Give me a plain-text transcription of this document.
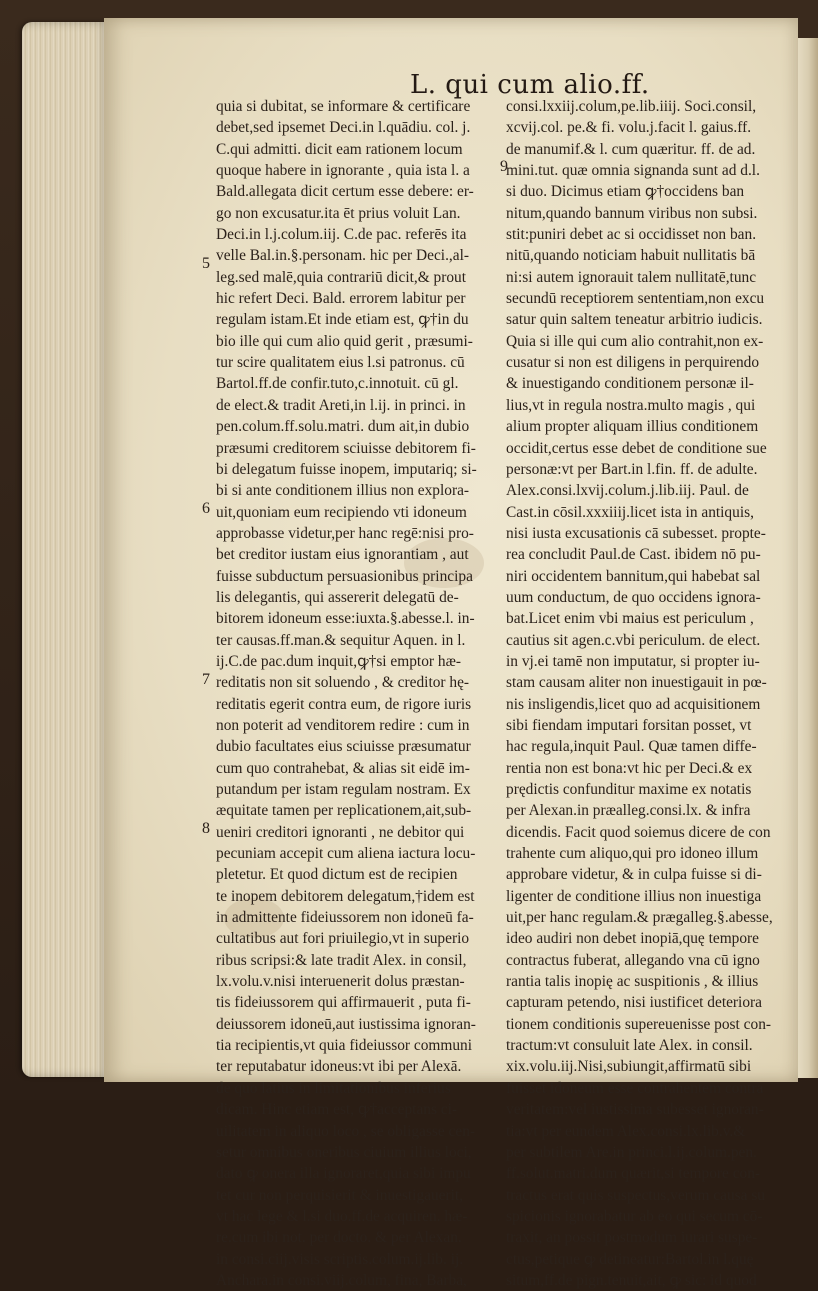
L. qui cum alio.ff.
quia si dubitat, se informare & certificare
debet,sed ipsemet Deci.in l.quādiu. col. j.
C.qui admitti. dicit eam rationem locum
quoque habere in ignorante , quia ista l. a
Bald.allegata dicit certum esse debere: er-
go non excusatur.ita ēt prius voluit Lan.
Deci.in l.j.colum.iij. C.de pac. referēs ita
velle Bal.in.§.personam. hic per Deci.,al-
leg.sed malē,quia contrariū dicit,& prout
hic refert Deci. Bald. errorem labitur per
regulam istam.Et inde etiam est, ꝙ†in du
bio ille qui cum alio quid gerit , præsumi-
tur scire qualitatem eius l.si patronus. cū
Bartol.ff.de confir.tuto,c.innotuit. cū gl.
de elect.& tradit Areti,in l.ij. in princi. in
pen.colum.ff.solu.matri. dum ait,in dubio
præsumi creditorem sciuisse debitorem fi-
bi delegatum fuisse inopem, imputariq; si-
bi si ante conditionem illius non explora-
uit,quoniam eum recipiendo vti idoneum
approbasse videtur,per hanc regē:nisi pro-
bet creditor iustam eius ignorantiam , aut
fuisse subductum persuasionibus principa
lis delegantis, qui assererit delegatū de-
bitorem idoneum esse:iuxta.§.abesse.l. in-
ter causas.ff.man.& sequitur Aquen. in l.
ij.C.de pac.dum inquit,ꝙ†si emptor hæ-
reditatis non sit soluendo , & creditor hę-
reditatis egerit contra eum, de rigore iuris
non poterit ad venditorem redire : cum in
dubio facultates eius sciuisse præsumatur
cum quo contrahebat, & alias sit eidē im-
putandum per istam regulam nostram. Ex
æquitate tamen per replicationem,ait,sub-
ueniri creditori ignoranti , ne debitor qui
pecuniam accepit cum aliena iactura locu-
pletetur. Et quod dictum est de recipien
te inopem debitorem delegatum,†idem est
in admittente fideiussorem non idoneū fa-
cultatibus aut fori priuilegio,vt in superio
ribus scripsi:& late tradit Alex. in consil,
lx.volu.v.nisi interuenerit dolus præstan-
tis fideiussorem qui affirmauerit , puta fi-
deiussorem idoneū,aut iustissima ignoran-
tia recipientis,vt quia fideiussor communi
ter reputabatur idoneus:vt ibi per Alexā.
de quo latius in limitationibus inferius
dicam. Hinc etiam est, ꝙ†acceptans ci-
uilitatem in aliquo loco , se obligasse cen-
setur omnibus oneribus ciuium illius loci,
dato ꝙ onera illa ignoraret,quia sibi impu
tet cur non perquisierit & inuestigauerit,
vt hac lege & l.si duo.ff.de acquiren. hæ-
re.cum ibi not. per docto. & per Alexan.
in consi.ciij.visis scriptis.colum.ij.lib. ij.
Anchara.in consi.viij.colum, fina, Barba,
consi.lxxiij.colum,pe.lib.iiij. Soci.consil,
xcvij.col. pe.& fi. volu.j.facit l. gaius.ff.
de manumif.& l. cum quæritur. ff. de ad.
mini.tut. quæ omnia signanda sunt ad d.l.
si duo. Dicimus etiam ꝙ†occidens ban
nitum,quando bannum viribus non subsi.
stit:puniri debet ac si occidisset non ban.
nitū,quando noticiam habuit nullitatis bā
ni:si autem ignorauit talem nullitatē,tunc
secundū receptiorem sententiam,non excu
satur quin saltem teneatur arbitrio iudicis.
Quia si ille qui cum alio contrahit,non ex-
cusatur si non est diligens in perquirendo
& inuestigando conditionem personæ il-
lius,vt in regula nostra.multo magis , qui
alium propter aliquam illius conditionem
occidit,certus esse debet de conditione sue
personæ:vt per Bart.in l.fin. ff. de adulte.
Alex.consi.lxvij.colum.j.lib.iij. Paul. de
Cast.in cōsil.xxxiiij.licet ista in antiquis,
nisi iusta excusationis cā subesset. propte-
rea concludit Paul.de Cast. ibidem nō pu-
niri occidentem bannitum,qui habebat sal
uum conductum, de quo occidens ignora-
bat.Licet enim vbi maius est periculum ,
cautius sit agen.c.vbi periculum. de elect.
in vj.ei tamē non imputatur, si propter iu-
stam causam aliter non inuestigauit in pœ-
nis insligendis,licet quo ad acquisitionem
sibi fiendam imputari forsitan posset, vt
hac regula,inquit Paul. Quæ tamen diffe-
rentia non est bona:vt hic per Deci.& ex
prędictis confunditur maxime ex notatis
per Alexan.in præalleg.consi.lx. & infra
dicendis. Facit quod soiemus dicere de con
trahente cum aliquo,qui pro idoneo illum
approbare videtur, & in culpa fuisse si di-
ligenter de conditione illius non inuestiga
uit,per hanc regulam.& prægalleg.§.abesse,
ideo audiri non debet inopiā,quę tempore
contractus fuberat, allegando vna cū igno
rantia talis inopię ac suspitionis , & illius
capturam petendo, nisi iustificet deteriora
tionem conditionis supereuenisse post con-
tractum:vt consuluit late Alex. in consil.
xix.volu.iij.Nisi,subiungit,affirmatū sibi
fuisset idoneum esse contrahentem contra
veritatem:vel iustissima subesset ignoran-
tia:vt per eundem Alex.consi.lx.lib.v.&
per subtilem Are.in princi.l.ij.colum.pen.
ff.solut.matri.dum quærit,si tempore con-
tractus erat quis suspectus,verum causa su
spicionis ignorabatur ab eo qui secum cō-
traxit, an possit postmodum iurari suspe-
ctus,petique ꝙ detineatur:Bartol.in l.quę
situm,ff.de pign.tenuit,ait, ꝙ sic: id quod
5
6
7
8
9
